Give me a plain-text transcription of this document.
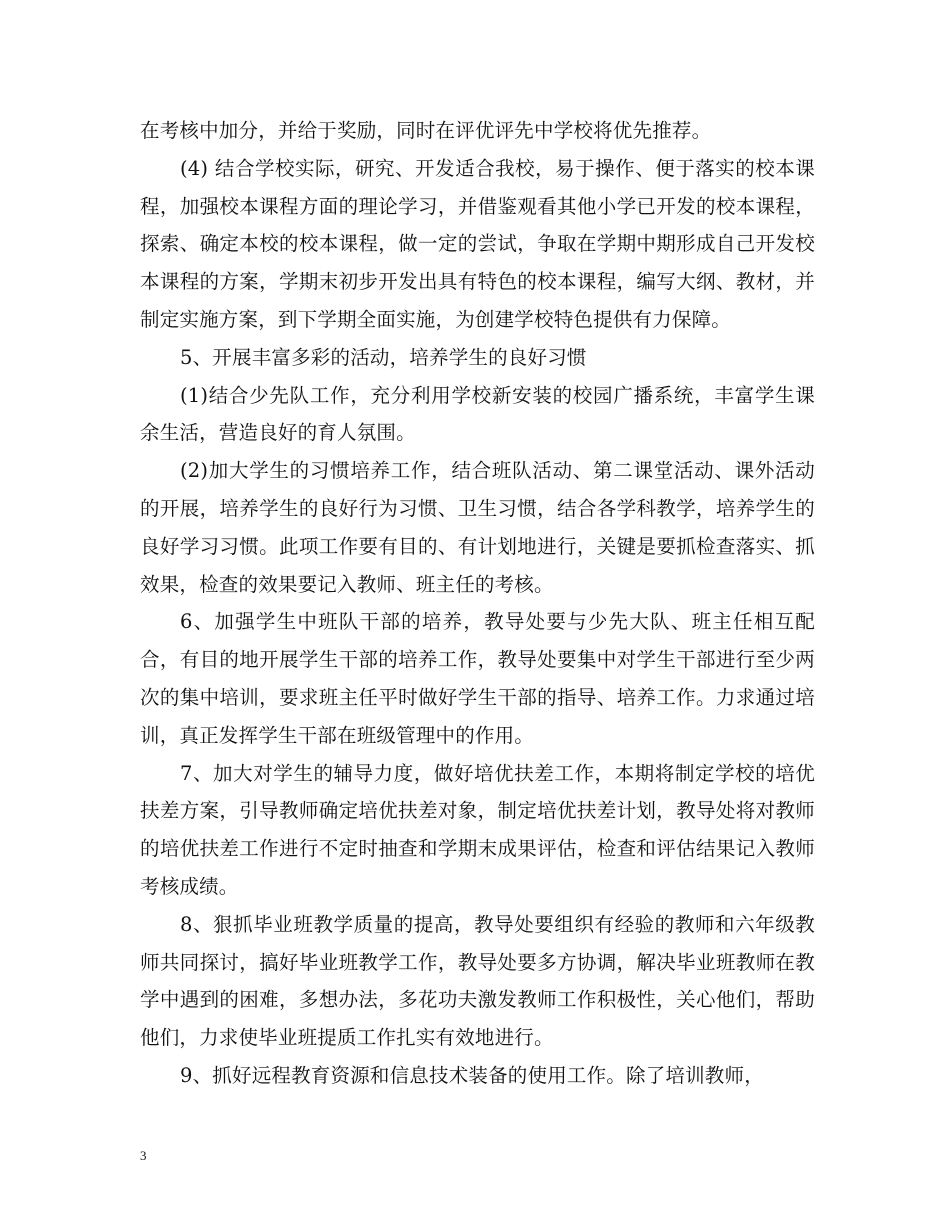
在考核中加分，并给于奖励，同时在评优评先中学校将优先推荐。

(4) 结合学校实际，研究、开发适合我校，易于操作、便于落实的校本课程，加强校本课程方面的理论学习，并借鉴观看其他小学已开发的校本课程，探索、确定本校的校本课程，做一定的尝试，争取在学期中期形成自己开发校本课程的方案，学期末初步开发出具有特色的校本课程，编写大纲、教材，并制定实施方案，到下学期全面实施，为创建学校特色提供有力保障。

5、开展丰富多彩的活动，培养学生的良好习惯

(1)结合少先队工作，充分利用学校新安装的校园广播系统，丰富学生课余生活，营造良好的育人氛围。

(2)加大学生的习惯培养工作，结合班队活动、第二课堂活动、课外活动的开展，培养学生的良好行为习惯、卫生习惯，结合各学科教学，培养学生的良好学习习惯。此项工作要有目的、有计划地进行，关键是要抓检查落实、抓效果，检查的效果要记入教师、班主任的考核。

6、加强学生中班队干部的培养，教导处要与少先大队、班主任相互配合，有目的地开展学生干部的培养工作，教导处要集中对学生干部进行至少两次的集中培训，要求班主任平时做好学生干部的指导、培养工作。力求通过培训，真正发挥学生干部在班级管理中的作用。

7、加大对学生的辅导力度，做好培优扶差工作，本期将制定学校的培优扶差方案，引导教师确定培优扶差对象，制定培优扶差计划，教导处将对教师的培优扶差工作进行不定时抽查和学期末成果评估，检查和评估结果记入教师考核成绩。

8、狠抓毕业班教学质量的提高，教导处要组织有经验的教师和六年级教师共同探讨，搞好毕业班教学工作，教导处要多方协调，解决毕业班教师在教学中遇到的困难，多想办法，多花功夫激发教师工作积极性，关心他们，帮助他们，力求使毕业班提质工作扎实有效地进行。

9、抓好远程教育资源和信息技术装备的使用工作。除了培训教师，

3
